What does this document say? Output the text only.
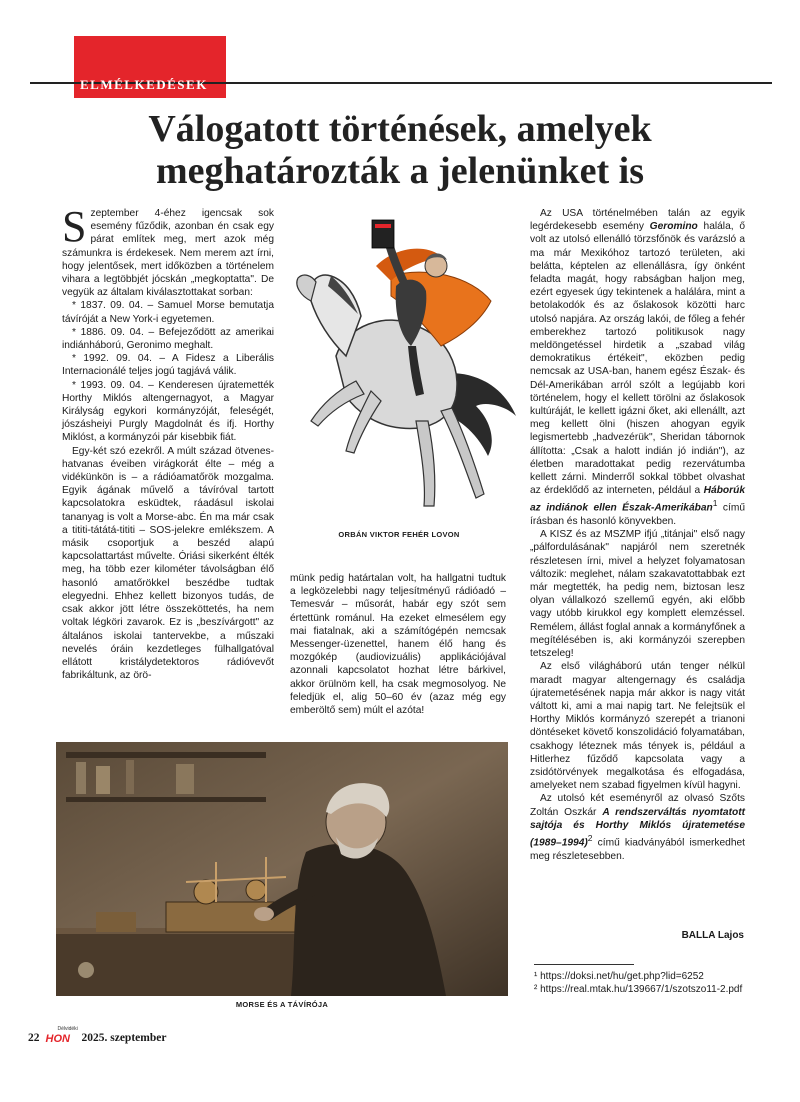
ELMÉLKEDÉSEK
Válogatott történések, amelyek
meghatározták a jelenünket is

Szeptember 4-éhez igencsak sok esemény fűződik, azonban én csak egy párat említek meg, mert azok még számunkra is érdekesek. Nem merem azt írni, hogy jelentősek, mert időközben a történelem vihara a legtöbbjét jócskán „megkoptatta". De vegyük az általam kiválasztottakat sorban:

* 1837. 09. 04. – Samuel Morse bemutatja távíróját a New York-i egyetemen.

* 1886. 09. 04. – Befejeződött az amerikai indiánháború, Geronimo meghalt.

* 1992. 09. 04. – A Fidesz a Liberális Internacionálé teljes jogú tagjává válik.

* 1993. 09. 04. – Kenderesen újratemették Horthy Miklós altengernagyot, a Magyar Királyság egykori kormányzóját, feleségét, jószásheiyi Purgly Magdolnát és ifj. Horthy Miklóst, a kormányzói pár kisebbik fiát.

Egy-két szó ezekről. A múlt század ötvenes-hatvanas éveiben virágkorát élte – még a vidékünkön is – a rádióamatőrök mozgalma. Egyik ágának művelő a távíróval tartott kapcsolatokra esküdtek, ráadásul iskolai tananyag is volt a Morse-abc. Én ma már csak a tititi-tátátá-tititi – SOS-jelekre emlékszem. A másik csoportjuk a beszéd alapú kapcsolattartást művelte. Óriási sikerként élték meg, ha több ezer kilométer távolságban élő hasonló amatőrökkel beszédbe tudtak elegyedni. Ehhez kellett bizonyos tudás, de csak akkor jött létre összeköttetés, ha nem voltak légköri zavarok. Ez is „beszívárgott" az általános iskolai tantervekbe, a műszaki nevelés óráin kezdetleges fülhallgatóval ellátott kristálydetektoros rádióvevőt fabrikáltunk, az örö-

ORBÁN VIKTOR FEHÉR LOVON

münk pedig határtalan volt, ha hallgatni tudtuk a legközelebbi nagy teljesítményű rádióadó – Temesvár – műsorát, habár egy szót sem értettünk románul. Ha ezeket elmesélem egy mai fiatalnak, aki a számítógépén nemcsak Messenger-üzenettel, hanem élő hang és mozgókép (audiovizuális) applikációjával azonnali kapcsolatot hozhat létre bárkivel, akkor örülnöm kell, ha csak megmosolyog. Ne feledjük el, alig 50–60 év (azaz még egy emberöltő sem) múlt el azóta!

MORSE ÉS A TÁVÍRÓJA

Az USA történelmében talán az egyik legérdekesebb esemény Geromino halála, ő volt az utolsó ellenálló törzsfőnök és varázsló a ma már Mexikóhoz tartozó területen, aki belátta, képtelen az ellenállásra, így önként feladta magát, hogy rabságban haljon meg, ezért egyesek úgy tekintenek a halálára, mint a betolakodók és az őslakosok közötti harc utolsó napjára. Az ország lakói, de főleg a fehér emberekhez tartozó politikusok nagy meldöngetéssel hirdetik a „szabad világ demokratikus értékeit", eközben pedig nemcsak az USA-ban, hanem egész Észak- és Dél-Amerikában arról szólt a legújabb kori történelem, hogy el kellett törölni az őslakosok kultúráját, le kellett igázni őket, aki ellenállt, azt meg kellett ölni (hiszen ahogyan egyik legismertebb „hadvezérük", Sheridan tábornok állította: „Csak a halott indián jó indián"), az életben maradottakat pedig rezervátumba kellett zárni. Minderről sokkal többet olvashat az érdeklődő az interneten, például a Háborúk az indiánok ellen Észak-Amerikában$^1$ című írásban és hasonló könyvekben.

A KISZ és az MSZMP ifjú „titánjai" első nagy „pálfordulásának" napjáról nem szeretnék részletesen írni, mivel a helyzet folyamatosan változik: meglehet, nálam szakavatottabbak ezt már megtették, ha pedig nem, biztosan lesz olyan vállalkozó szellemű egyén, aki előbb vagy utóbb kirukkol egy komplett elemzéssel. Remélem, állást foglal annak a kormányfőnek a megítélésében is, aki kormányzói szerepben tetszeleg!

Az első világháború után tenger nélkül maradt magyar altengernagy és családja újratemetésének napja már akkor is nagy vitát váltott ki, ami a mai napig tart. Ne felejtsük el Horthy Miklós kormányzó szerepét a trianoni döntéseket követő konszolidáció folyamatában, csakhogy léteznek más tények is, például a Hitlerhez fűződő kapcsolata vagy a zsidótörvények megalkotása és elfogadása, amelyeket nem szabad figyelmen kívül hagyni.

Az utolsó két eseményről az olvasó Szőts Zoltán Oszkár A rendszerváltás nyomtatott sajtója és Horthy Miklós újratemetése (1989–1994)$^2$ című kiadványából ismerkedhet meg részletesebben.

BALLA Lajos

¹ https://doksi.net/hu/get.php?lid=6252

² https://real.mtak.hu/139667/1/szotszo11-2.pdf

22
Délvidéki
HON 2025. szeptember
